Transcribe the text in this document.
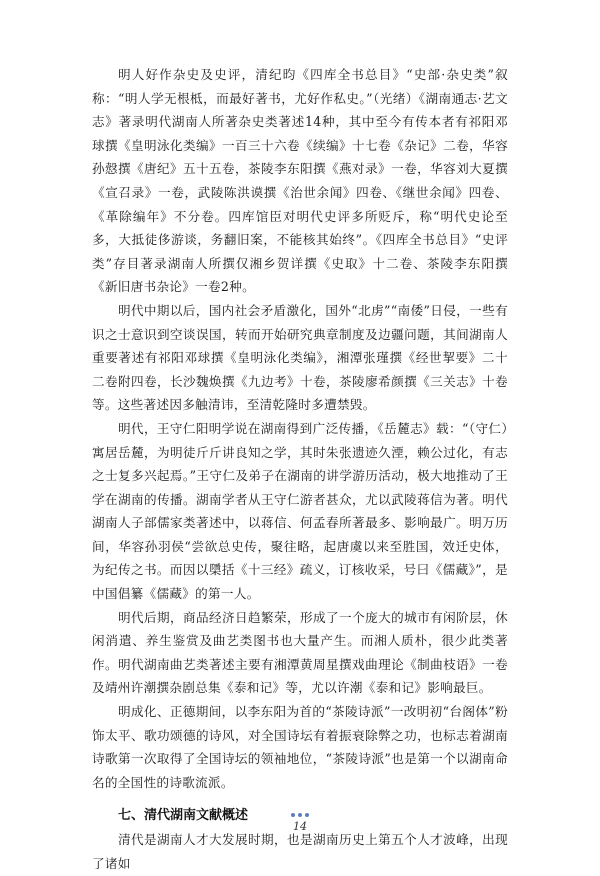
明人好作杂史及史评，清纪昀《四库全书总目》“史部·杂史类”叙称：“明人学无根柢，而最好著书，尤好作私史。”（光绪）《湖南通志·艺文志》著录明代湖南人所著杂史类著述14种，其中至今有传本者有祁阳邓球撰《皇明泳化类编》一百三十六卷《续编》十七卷《杂记》二卷，华容孙慤撰《唐纪》五十五卷，茶陵李东阳撰《燕对录》一卷，华容刘大夏撰《宣召录》一卷，武陵陈洪谟撰《治世余闻》四卷、《继世余闻》四卷、《革除编年》不分卷。四库馆臣对明代史评多所贬斥，称“明代史论至多，大抵徒侈游谈，务翻旧案，不能核其始终”。《四库全书总目》“史评类”存目著录湖南人所撰仅湘乡贺详撰《史取》十二卷、茶陵李东阳撰《新旧唐书杂论》一卷2种。

明代中期以后，国内社会矛盾激化，国外“北虏”“南倭”日侵，一些有识之士意识到空谈误国，转而开始研究典章制度及边疆问题，其间湖南人重要著述有祁阳邓球撰《皇明泳化类编》，湘潭张瑾撰《经世挈要》二十二卷附四卷，长沙魏焕撰《九边考》十卷，茶陵廖希颜撰《三关志》十卷等。这些著述因多触清讳，至清乾隆时多遭禁毁。

明代，王守仁阳明学说在湖南得到广泛传播，《岳麓志》载：“（守仁）寓居岳麓，为明徒斤斤讲良知之学，其时朱张遗迹久湮，赖公过化，有志之士复多兴起焉。”王守仁及弟子在湖南的讲学游历活动，极大地推动了王学在湖南的传播。湖南学者从王守仁游者甚众，尤以武陵蒋信为著。明代湖南人子部儒家类著述中，以蒋信、何孟春所著最多、影响最广。明万历间，华容孙羽侯“尝欲总史传，聚往略，起唐虞以来至胜国，效迁史体，为纪传之书。而因以檃括《十三经》疏义，订核收采，号曰《儒藏》”，是中国倡纂《儒藏》的第一人。

明代后期，商品经济日趋繁荣，形成了一个庞大的城市有闲阶层，休闲消遣、养生鉴赏及曲艺类图书也大量产生。而湘人质朴，很少此类著作。明代湖南曲艺类著述主要有湘潭黄周星撰戏曲理论《制曲枝语》一卷及靖州许潮撰杂剧总集《泰和记》等，尤以许潮《泰和记》影响最巨。

明成化、正德期间，以李东阳为首的“茶陵诗派”一改明初“台阁体”粉饰太平、歌功颂德的诗风，对全国诗坛有着振衰除弊之功，也标志着湖南诗歌第一次取得了全国诗坛的领袖地位，“茶陵诗派”也是第一个以湖南命名的全国性的诗歌流派。

七、清代湖南文献概述

清代是湖南人才大发展时期，也是湖南历史上第五个人才波峰，出现了诸如

14
